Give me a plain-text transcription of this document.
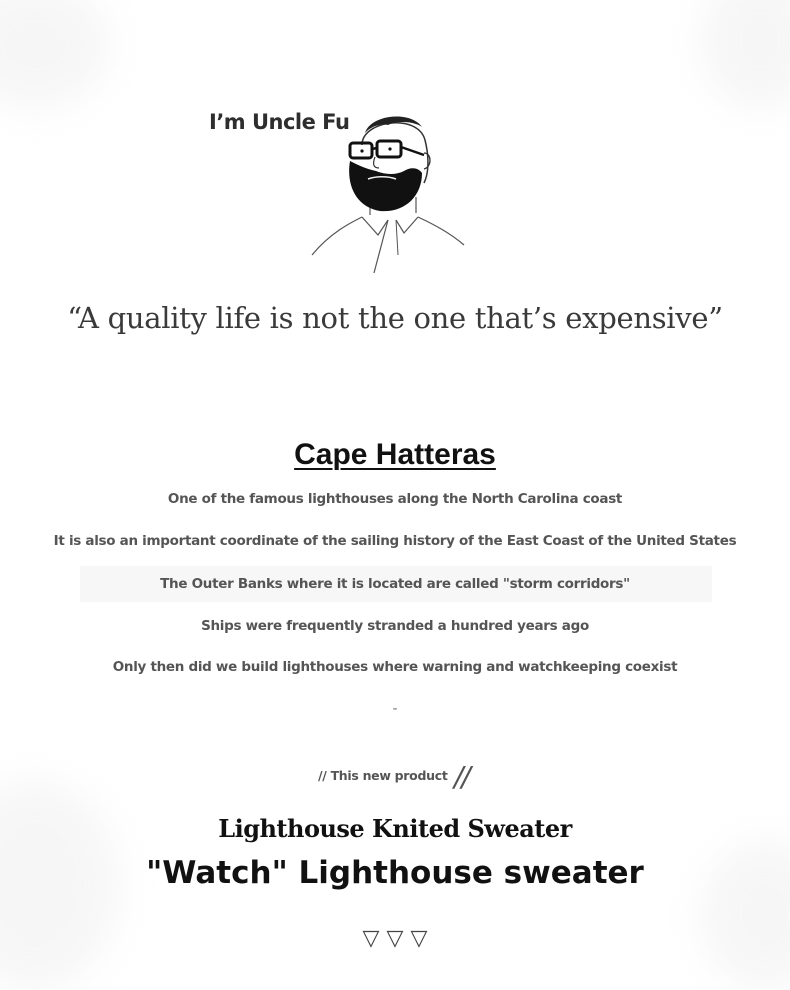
I’m Uncle Fu

“A quality life is not the one that’s expensive”

Cape Hatteras

One of the famous lighthouses along the North Carolina coast

It is also an important coordinate of the sailing history of the East Coast of the United States

The Outer Banks where it is located are called "storm corridors"

Ships were frequently stranded a hundred years ago

Only then did we build lighthouses where warning and watchkeeping coexist

-

// This new product //
Lighthouse Knited Sweater
"Watch" Lighthouse sweater
▽ ▽ ▽
